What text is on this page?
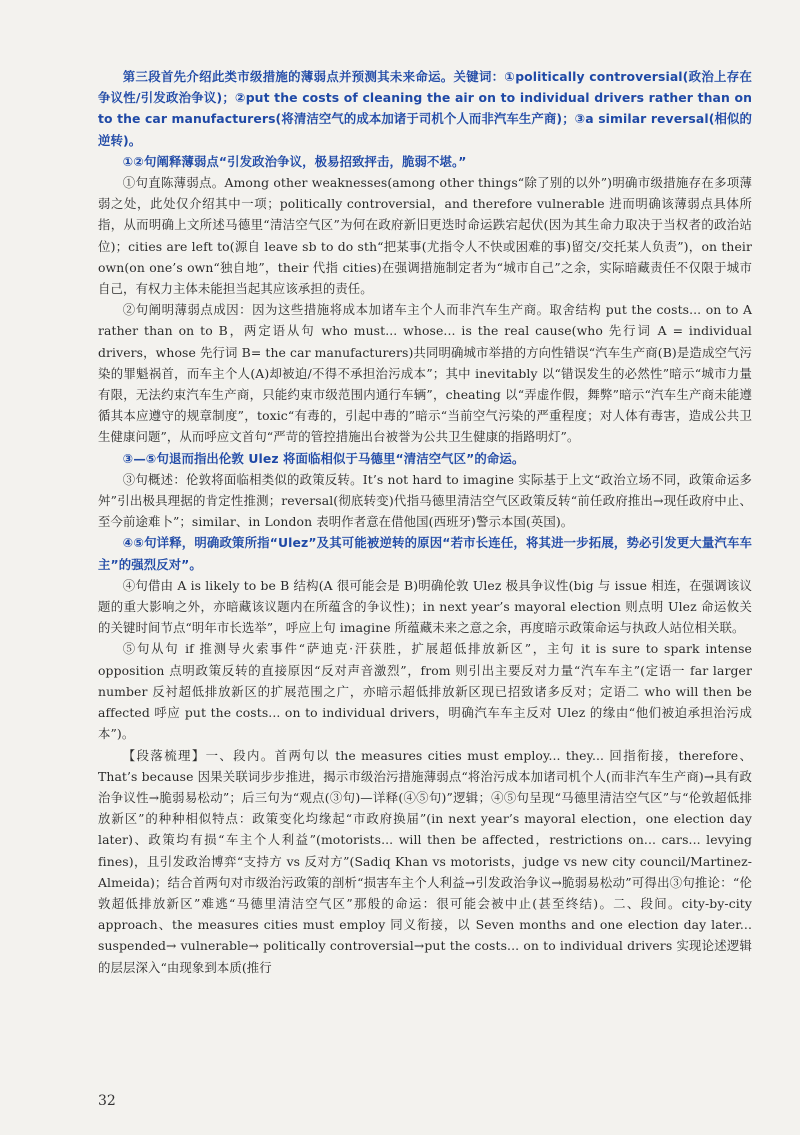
第三段首先介绍此类市级措施的薄弱点并预测其未来命运。关键词：①politically controversial(政治上存在争议性/引发政治争议)；②put the costs of cleaning the air on to individual drivers rather than on to the car manufacturers(将清洁空气的成本加诸于司机个人而非汽车生产商)；③a similar reversal(相似的逆转)。

①②句阐释薄弱点“引发政治争议，极易招致抨击，脆弱不堪。”

①句直陈薄弱点。Among other weaknesses(among other things“除了别的以外”)明确市级措施存在多项薄弱之处，此处仅介绍其中一项；politically controversial，and therefore vulnerable 进而明确该薄弱点具体所指，从而明确上文所述马德里“清洁空气区”为何在政府新旧更迭时命运跌宕起伏(因为其生命力取决于当权者的政治站位)；cities are left to(源自 leave sb to do sth“把某事(尤指令人不快或困难的事)留交/交托某人负责”)，on their own(on one’s own“独自地”，their 代指 cities)在强调措施制定者为“城市自己”之余，实际暗藏责任不仅限于城市自己，有权力主体未能担当起其应该承担的责任。

②句阐明薄弱点成因：因为这些措施将成本加诸车主个人而非汽车生产商。取舍结构 put the costs... on to A rather than on to B，两定语从句 who must... whose... is the real cause(who 先行词 A = individual drivers，whose 先行词 B= the car manufacturers)共同明确城市举措的方向性错误“汽车生产商(B)是造成空气污染的罪魁祸首，而车主个人(A)却被迫/不得不承担治污成本”；其中 inevitably 以“错误发生的必然性”暗示“城市力量有限，无法约束汽车生产商，只能约束市级范围内通行车辆”，cheating 以“弄虚作假，舞弊”暗示“汽车生产商未能遵循其本应遵守的规章制度”，toxic“有毒的，引起中毒的”暗示“当前空气污染的严重程度；对人体有毒害，造成公共卫生健康问题”，从而呼应文首句“严苛的管控措施出台被誉为公共卫生健康的指路明灯”。

③—⑤句退而指出伦敦 Ulez 将面临相似于马德里“清洁空气区”的命运。

③句概述：伦敦将面临相类似的政策反转。It’s not hard to imagine 实际基于上文“政治立场不同，政策命运多舛”引出极具理据的肯定性推测；reversal(彻底转变)代指马德里清洁空气区政策反转“前任政府推出→现任政府中止、至今前途难卜”；similar、in London 表明作者意在借他国(西班牙)警示本国(英国)。

④⑤句详释，明确政策所指“Ulez”及其可能被逆转的原因“若市长连任，将其进一步拓展，势必引发更大量汽车车主”的强烈反对”。

④句借由 A is likely to be B 结构(A 很可能会是 B)明确伦敦 Ulez 极具争议性(big 与 issue 相连，在强调该议题的重大影响之外，亦暗藏该议题内在所蕴含的争议性)；in next year’s mayoral election 则点明 Ulez 命运攸关的关键时间节点“明年市长选举”，呼应上句 imagine 所蕴藏未来之意之余，再度暗示政策命运与执政人站位相关联。

⑤句从句 if 推测导火索事件“萨迪克·汗获胜，扩展超低排放新区”，主句 it is sure to spark intense opposition 点明政策反转的直接原因“反对声音激烈”，from 则引出主要反对力量“汽车车主”(定语一 far larger number 反衬超低排放新区的扩展范围之广，亦暗示超低排放新区现已招致诸多反对；定语二 who will then be affected 呼应 put the costs... on to individual drivers，明确汽车车主反对 Ulez 的缘由“他们被迫承担治污成本”)。

【段落梳理】一、段内。首两句以 the measures cities must employ... they... 回指衔接，therefore、That’s because 因果关联词步步推进，揭示市级治污措施薄弱点“将治污成本加诸司机个人(而非汽车生产商)→具有政治争议性→脆弱易松动”；后三句为“观点(③句)—详释(④⑤句)”逻辑；④⑤句呈现“马德里清洁空气区”与“伦敦超低排放新区”的种种相似特点：政策变化均缘起“市政府换届”(in next year’s mayoral election，one election day later)、政策均有损“车主个人利益”(motorists... will then be affected，restrictions on... cars... levying fines)，且引发政治博弈“支持方 vs 反对方”(Sadiq Khan vs motorists，judge vs new city council/Martinez-Almeida)；结合首两句对市级治污政策的剖析“损害车主个人利益→引发政治争议→脆弱易松动”可得出③句推论：“伦敦超低排放新区”难逃“马德里清洁空气区”那般的命运：很可能会被中止(甚至终结)。二、段间。city-by-city approach、the measures cities must employ 同义衔接，以 Seven months and one election day later... suspended→ vulnerable→ politically controversial→put the costs... on to individual drivers 实现论述逻辑的层层深入“由现象到本质(推行

32
